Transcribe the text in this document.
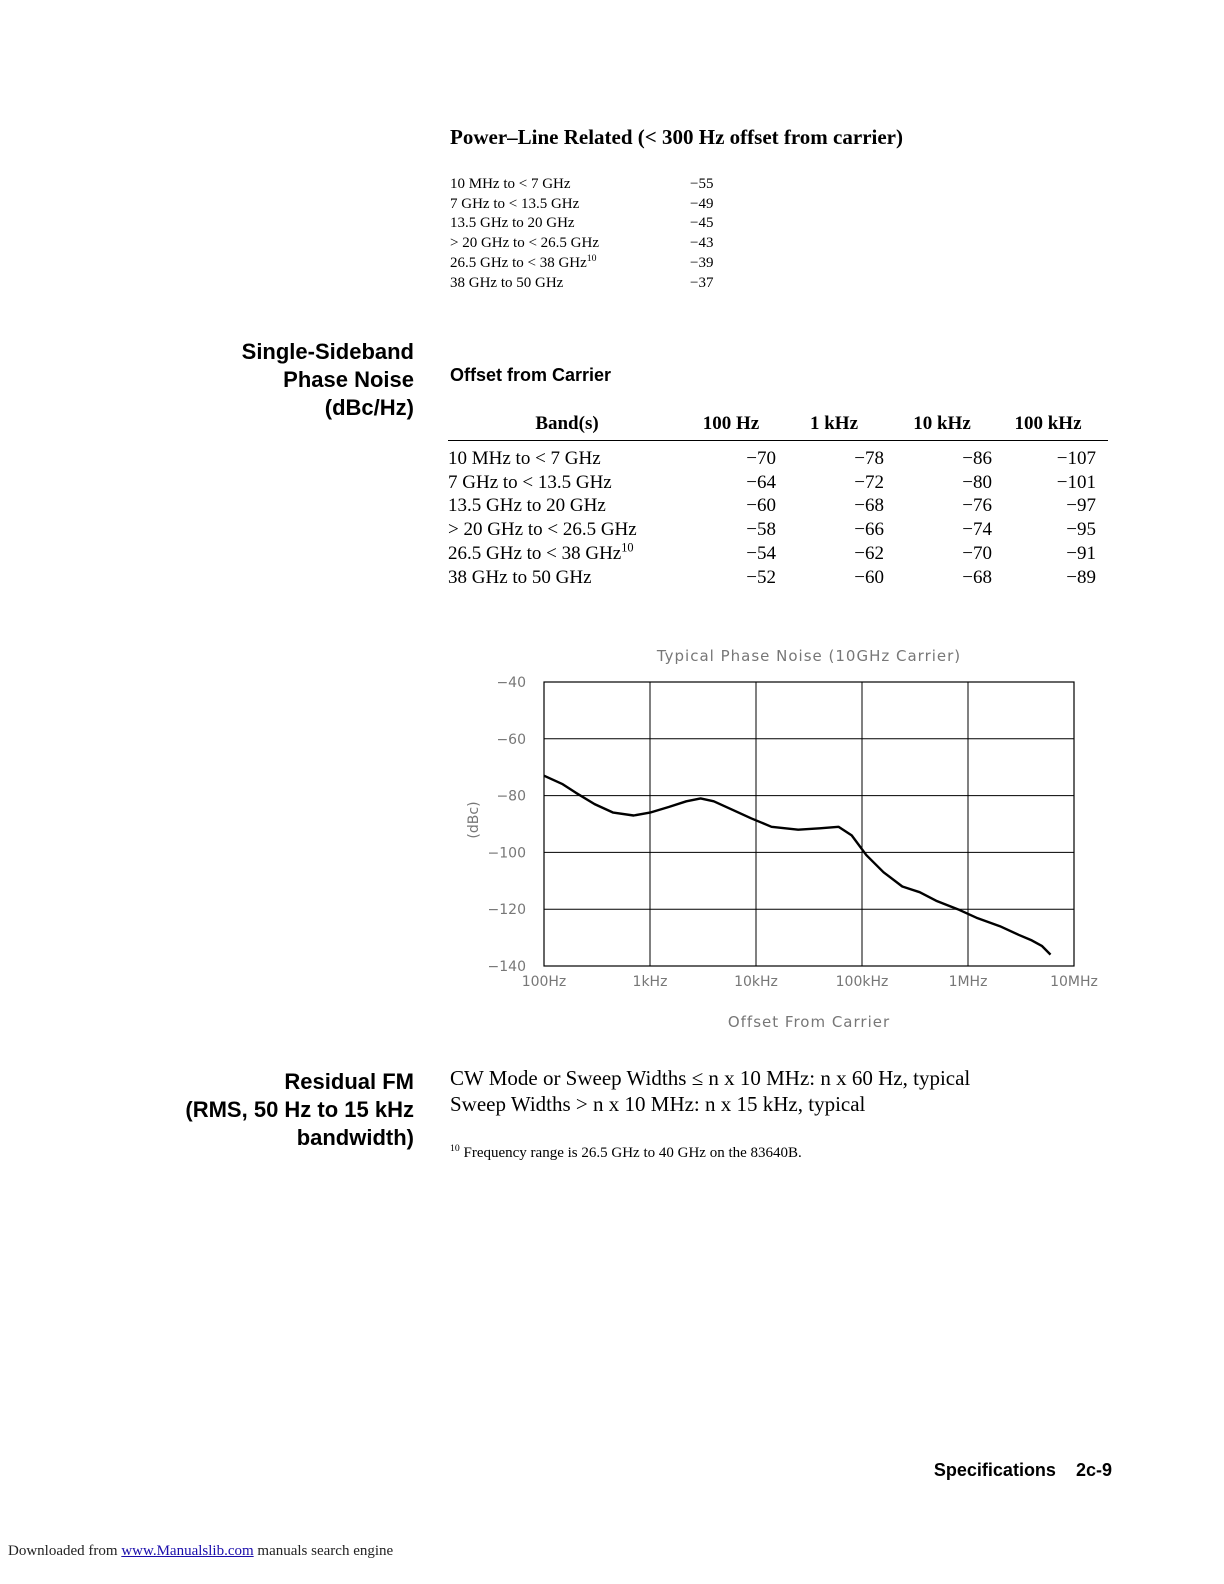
Power–Line Related (< 300 Hz offset from carrier)
10 MHz to < 7 GHz	−55
7 GHz to < 13.5 GHz	−49
13.5 GHz to 20 GHz	−45
> 20 GHz to < 26.5 GHz	−43
26.5 GHz to < 38 GHz$^{10}$	−39
38 GHz to 50 GHz	−37
Single-Sideband
Phase Noise
(dBc/Hz)
Offset from Carrier
Band(s)	100 Hz	1 kHz	10 kHz	100 kHz
10 MHz to < 7 GHz	−70	−78	−86	−107
7 GHz to < 13.5 GHz	−64	−72	−80	−101
13.5 GHz to 20 GHz	−60	−68	−76	−97
> 20 GHz to < 26.5 GHz	−58	−66	−74	−95
26.5 GHz to < 38 GHz$^{10}$	−54	−62	−70	−91
38 GHz to 50 GHz	−52	−60	−68	−89
Typical Phase Noise (10GHz Carrier)
(dBc)
Offset From Carrier
100Hz	1kHz	10kHz	100kHz	1MHz	10MHz
−40
−60
−80
−100
−120
−140
Residual FM
(RMS, 50 Hz to 15 kHz
bandwidth)
CW Mode or Sweep Widths ≤ n x 10 MHz: n x 60 Hz, typical
Sweep Widths > n x 10 MHz: n x 15 kHz, typical
$^{10}$ Frequency range is 26.5 GHz to 40 GHz on the 83640B.
Specifications 2c-9
Downloaded from www.Manualslib.com manuals search engine
